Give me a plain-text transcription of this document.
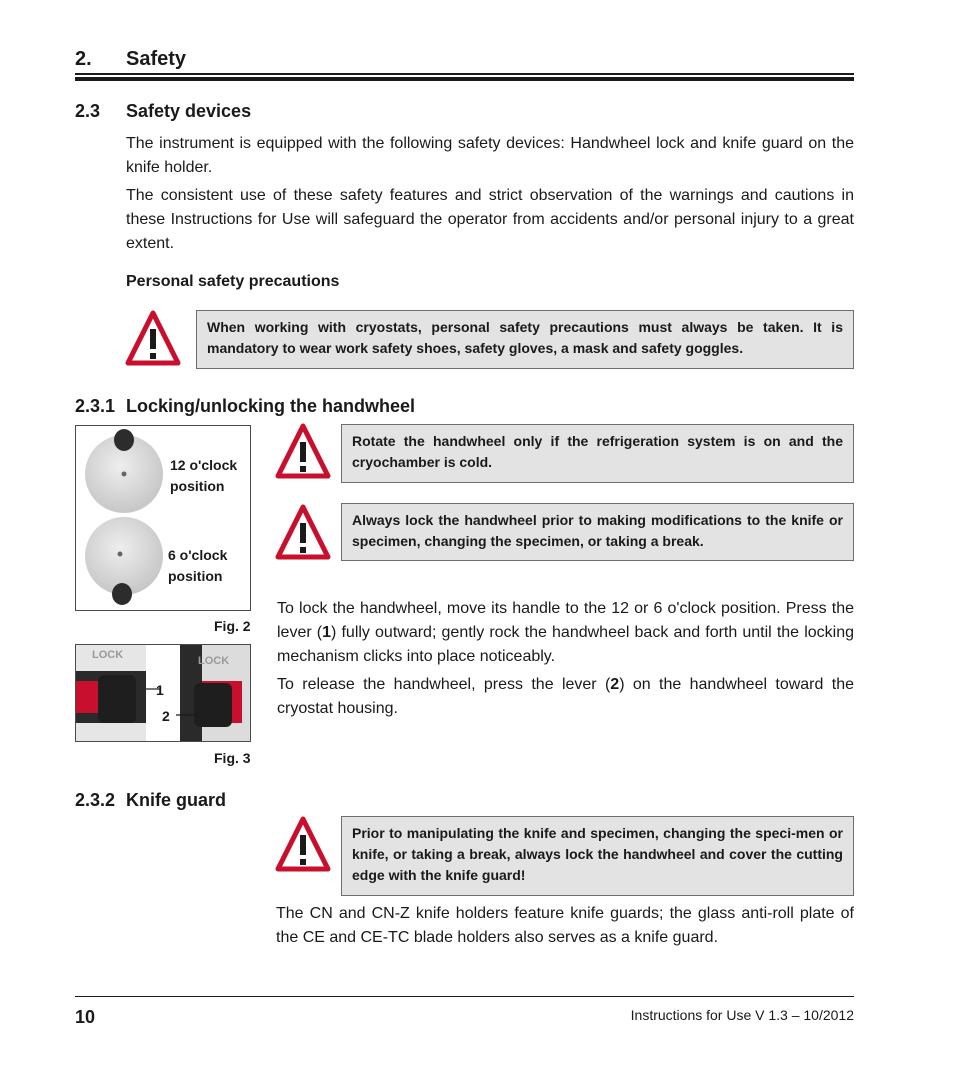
2. Safety
2.3 Safety devices
The instrument is equipped with the following safety devices: Handwheel lock and knife guard on the knife holder.
The consistent use of these safety features and strict observation of the warnings and cautions in these Instructions for Use will safeguard the operator from accidents and/or personal injury to a great extent.
Personal safety precautions
When working with cryostats, personal safety precautions must always be taken. It is mandatory to wear work safety shoes, safety gloves, a mask and safety goggles.
2.3.1 Locking/unlocking the handwheel
12 o'clock
position
6 o'clock
position
Fig. 2
LOCK	LOCK
1
2
Fig. 3
Rotate the handwheel only if the refrigeration system is on and the cryochamber is cold.
Always lock the handwheel prior to making modifications to the knife or specimen, changing the specimen, or taking a break.
To lock the handwheel, move its handle to the 12 or 6 o'clock position. Press the lever (1) fully outward; gently rock the handwheel back and forth until the locking mechanism clicks into place noticeably.
To release the handwheel, press the lever (2) on the handwheel toward the cryostat housing.
2.3.2 Knife guard
Prior to manipulating the knife and specimen, changing the speci-men or knife, or taking a break, always lock the handwheel and cover the cutting edge with the knife guard!
The CN and CN-Z knife holders feature knife guards; the glass anti-roll plate of the CE and CE-TC blade holders also serves as a knife guard.
10	Instructions for Use V 1.3 – 10/2012
